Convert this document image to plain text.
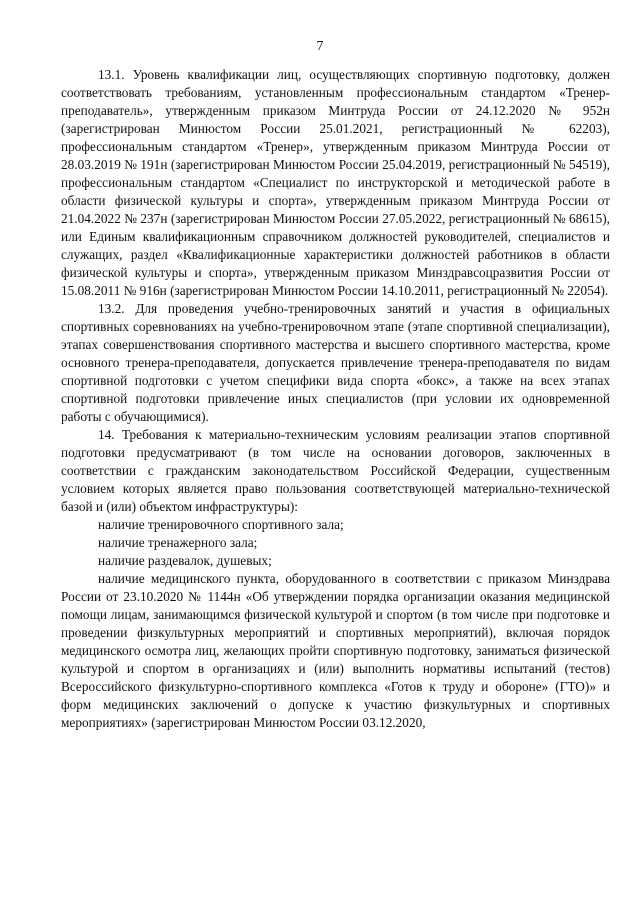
7

13.1. Уровень квалификации лиц, осуществляющих спортивную подготовку, должен соответствовать требованиям, установленным профессиональным стандартом «Тренер-преподаватель», утвержденным приказом Минтруда России от 24.12.2020 № 952н (зарегистрирован Минюстом России 25.01.2021, регистрационный № 62203), профессиональным стандартом «Тренер», утвержденным приказом Минтруда России от 28.03.2019 № 191н (зарегистрирован Минюстом России 25.04.2019, регистрационный № 54519), профессиональным стандартом «Специалист по инструкторской и методической работе в области физической культуры и спорта», утвержденным приказом Минтруда России от 21.04.2022 № 237н (зарегистрирован Минюстом России 27.05.2022, регистрационный № 68615), или Единым квалификационным справочником должностей руководителей, специалистов и служащих, раздел «Квалификационные характеристики должностей работников в области физической культуры и спорта», утвержденным приказом Минздравсоцразвития России от 15.08.2011 № 916н (зарегистрирован Минюстом России 14.10.2011, регистрационный № 22054).

13.2. Для проведения учебно-тренировочных занятий и участия в официальных спортивных соревнованиях на учебно-тренировочном этапе (этапе спортивной специализации), этапах совершенствования спортивного мастерства и высшего спортивного мастерства, кроме основного тренера-преподавателя, допускается привлечение тренера-преподавателя по видам спортивной подготовки с учетом специфики вида спорта «бокс», а также на всех этапах спортивной подготовки привлечение иных специалистов (при условии их одновременной работы с обучающимися).

14. Требования к материально-техническим условиям реализации этапов спортивной подготовки предусматривают (в том числе на основании договоров, заключенных в соответствии с гражданским законодательством Российской Федерации, существенным условием которых является право пользования соответствующей материально-технической базой и (или) объектом инфраструктуры):

наличие тренировочного спортивного зала;

наличие тренажерного зала;

наличие раздевалок, душевых;

наличие медицинского пункта, оборудованного в соответствии с приказом Минздрава России от 23.10.2020 № 1144н «Об утверждении порядка организации оказания медицинской помощи лицам, занимающимся физической культурой и спортом (в том числе при подготовке и проведении физкультурных мероприятий и спортивных мероприятий), включая порядок медицинского осмотра лиц, желающих пройти спортивную подготовку, заниматься физической культурой и спортом в организациях и (или) выполнить нормативы испытаний (тестов) Всероссийского физкультурно-спортивного комплекса «Готов к труду и обороне» (ГТО)» и форм медицинских заключений о допуске к участию физкультурных и спортивных мероприятиях» (зарегистрирован Минюстом России 03.12.2020,
